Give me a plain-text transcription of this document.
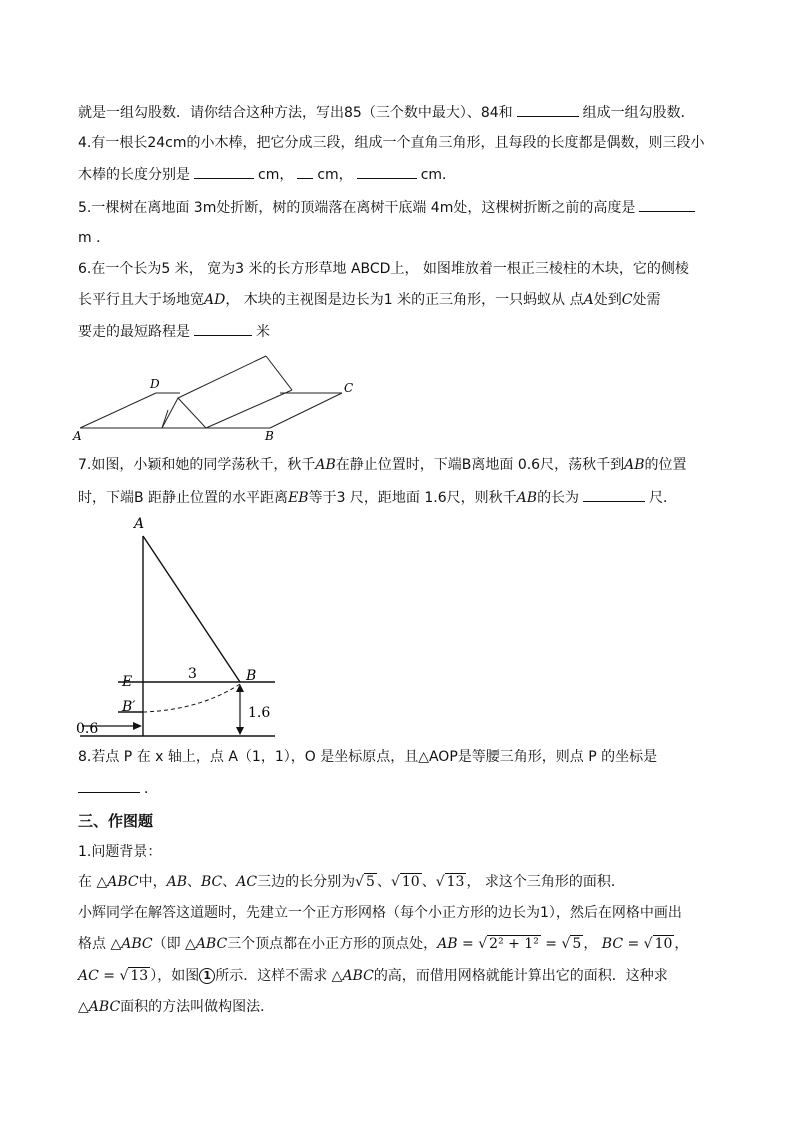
就是一组勾股数．请你结合这种方法，写出85（三个数中最大）、84和	组成一组勾股数．
4.有一根长24cm的小木棒，把它分成三段，组成一个直角三角形，且每段的长度都是偶数，则三段小
木棒的长度分别是	cm， cm，	cm．
5.一棵树在离地面 3m处折断，树的顶端落在离树干底端 4m处，这棵树折断之前的高度是
m ．
6.在一个长为5 米， 宽为3 米的长方形草地 ABCD上， 如图堆放着一根正三棱柱的木块，它的侧棱
长平行且大于场地宽AD， 木块的主视图是边长为1 米的正三角形，一只蚂蚁从 点A处到C处需
要走的最短路程是	米
A
D	C
B
7.如图，小颖和她的同学荡秋千，秋千AB在静止位置时，下端B离地面 0.6尺，荡秋千到AB的位置
时，下端B 距静止位置的水平距离EB等于3 尺，距地面 1.6尺，则秋千AB的长为	尺．
A
E	B
B′
3
1.6
0.6
8.若点 P 在 x 轴上，点 A（1，1），O 是坐标原点，且△AOP是等腰三角形，则点 P 的坐标是
．
三、作图题
1.问题背景：
在 △ABC中，AB、BC、AC三边的长分别为√ 5 、√ 10 、√ 13 ， 求这个三角形的面积．
小辉同学在解答这道题时，先建立一个正方形网格（每个小正方形的边长为1），然后在网格中画出
格点 △ABC（即 △ABC三个顶点都在小正方形的顶点处，AB = √ 2² + 1² = √ 5 ， BC = √ 10 ，
AC = √ 13 ），如图 1 所示．这样不需求 △ABC的高，而借用网格就能计算出它的面积．这种求
△ABC面积的方法叫做构图法．
